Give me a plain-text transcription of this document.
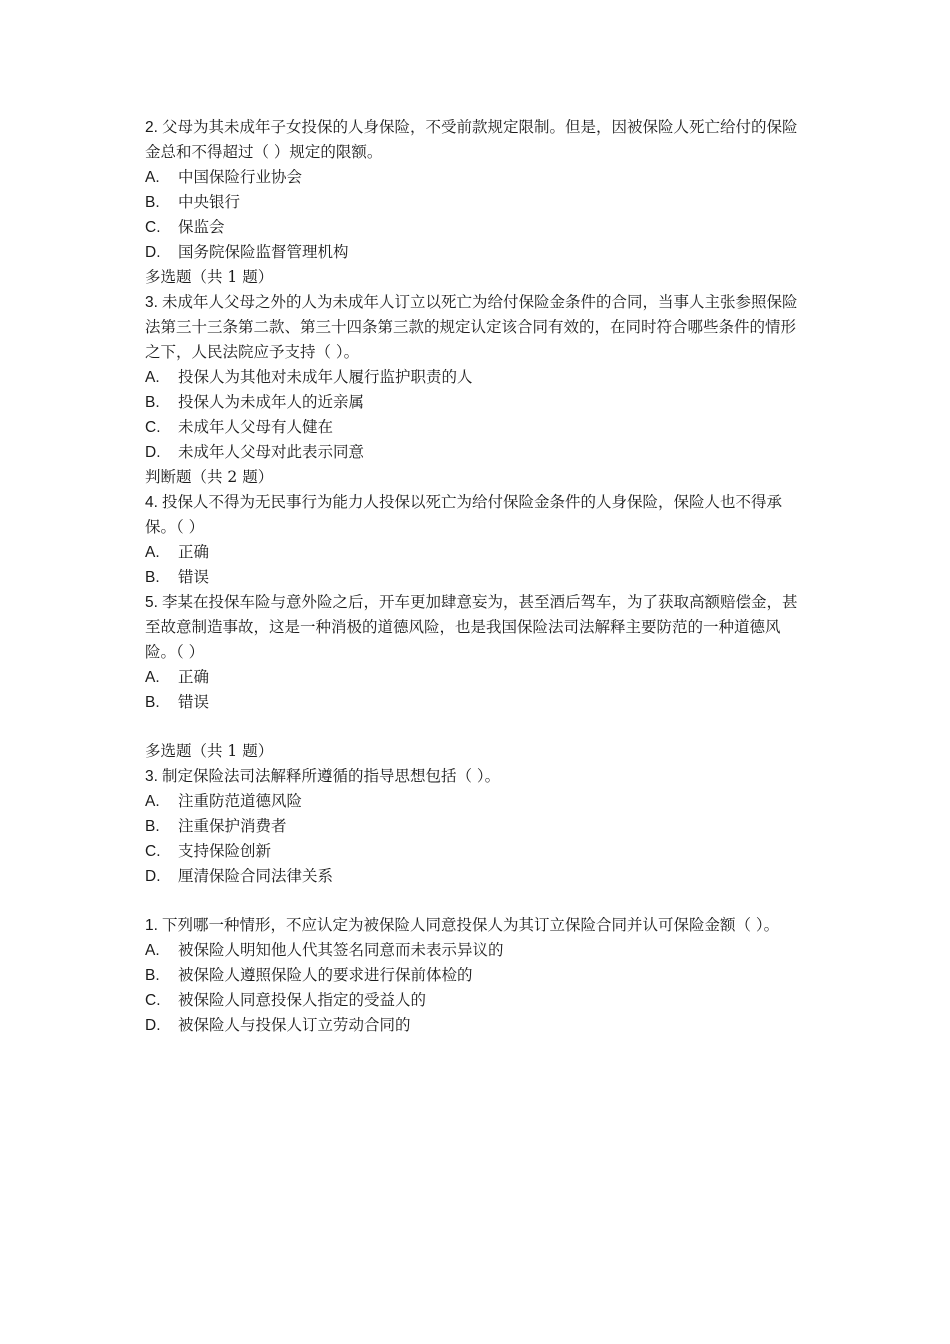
2. 父母为其未成年子女投保的人身保险，不受前款规定限制。但是，因被保险人死亡给付的保险金总和不得超过（ ）规定的限额。

A.	中国保险行业协会
B.	中央银行
C.	保监会
D.	国务院保险监督管理机构

多选题（共 1 题）

3. 未成年人父母之外的人为未成年人订立以死亡为给付保险金条件的合同，当事人主张参照保险法第三十三条第二款、第三十四条第三款的规定认定该合同有效的，在同时符合哪些条件的情形之下，人民法院应予支持（ ）。

A.	投保人为其他对未成年人履行监护职责的人
B.	投保人为未成年人的近亲属
C.	未成年人父母有人健在
D.	未成年人父母对此表示同意

判断题（共 2 题）

4. 投保人不得为无民事行为能力人投保以死亡为给付保险金条件的人身保险，保险人也不得承保。（ ）

A.	正确
B.	错误

5. 李某在投保车险与意外险之后，开车更加肆意妄为，甚至酒后驾车，为了获取高额赔偿金，甚至故意制造事故，这是一种消极的道德风险，也是我国保险法司法解释主要防范的一种道德风险。（ ）

A.	正确
B.	错误

多选题（共 1 题）

3. 制定保险法司法解释所遵循的指导思想包括（ ）。

A.	注重防范道德风险
B.	注重保护消费者
C.	支持保险创新
D.	厘清保险合同法律关系

1. 下列哪一种情形，不应认定为被保险人同意投保人为其订立保险合同并认可保险金额（ ）。

A.	被保险人明知他人代其签名同意而未表示异议的
B.	被保险人遵照保险人的要求进行保前体检的
C.	被保险人同意投保人指定的受益人的
D.	被保险人与投保人订立劳动合同的
